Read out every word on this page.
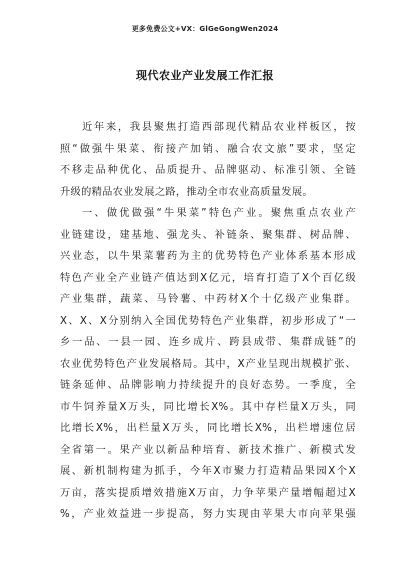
更多免费公文+VX：GlGeGongWen2024
现代农业产业发展工作汇报
近年来，我县聚焦打造西部现代精品农业样板区，按
照“做强牛果菜、衔接产加销、融合农文旅”要求，坚定
不移走品种优化、品质提升、品牌驱动、标准引领、全链
升级的精品农业发展之路，推动全市农业高质量发展。
一、做优做强“牛果菜”特色产业。聚焦重点农业产
业链建设，建基地、强龙头、补链条、聚集群、树品牌、
兴业态，以牛果菜薯药为主的优势特色产业体系基本形成
特色产业全产业链产值达到X亿元，培育打造了X个百亿级
产业集群，蔬菜、马铃薯、中药材X个十亿级产业集群。
X、X、X分别纳入全国优势特色产业集群，初步形成了“一
乡一品、一县一园、连乡成片、跨县成带、集群成链”的
农业优势特色产业发展格局。其中，X产业呈现出规模扩张、
链条延伸、品牌影响力持续提升的良好态势。一季度，全
市牛饲养量X万头，同比增长X%。其中存栏量X万头，同
比增长X%，出栏量X万头，同比增长X%，出栏增速位居
全省第一。果产业以新品种培育、新技术推广、新模式发
展、新机制构建为抓手，今年X市聚力打造精品果园X个X
万亩，落实提质增效措施X万亩，力争苹果产量增幅超过X
%，产业效益进一步提高，努力实现由苹果大市向苹果强
